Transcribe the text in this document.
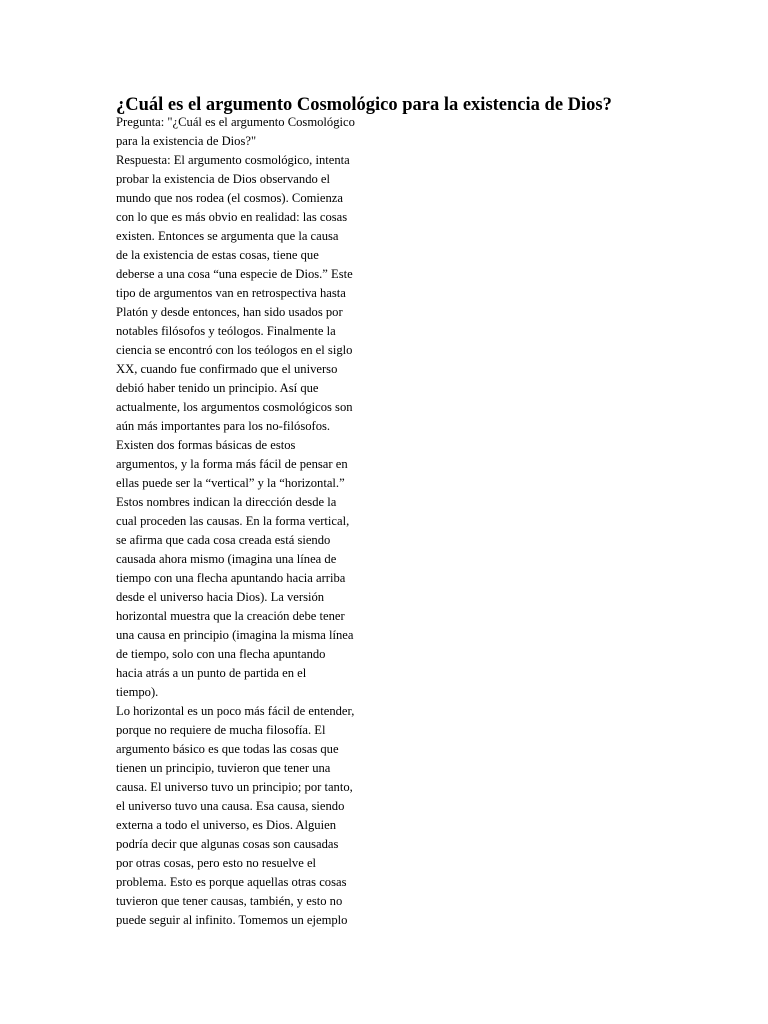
¿Cuál es el argumento Cosmológico para la existencia de Dios?
Pregunta: "¿Cuál es el argumento Cosmológico
para la existencia de Dios?"
Respuesta: El argumento cosmológico, intenta
probar la existencia de Dios observando el
mundo que nos rodea (el cosmos). Comienza
con lo que es más obvio en realidad: las cosas
existen. Entonces se argumenta que la causa
de la existencia de estas cosas, tiene que
deberse a una cosa “una especie de Dios.” Este
tipo de argumentos van en retrospectiva hasta
Platón y desde entonces, han sido usados por
notables filósofos y teólogos. Finalmente la
ciencia se encontró con los teólogos en el siglo
XX, cuando fue confirmado que el universo
debió haber tenido un principio. Así que
actualmente, los argumentos cosmológicos son
aún más importantes para los no-filósofos.
Existen dos formas básicas de estos
argumentos, y la forma más fácil de pensar en
ellas puede ser la “vertical” y la “horizontal.”
Estos nombres indican la dirección desde la
cual proceden las causas. En la forma vertical,
se afirma que cada cosa creada está siendo
causada ahora mismo (imagina una línea de
tiempo con una flecha apuntando hacia arriba
desde el universo hacia Dios). La versión
horizontal muestra que la creación debe tener
una causa en principio (imagina la misma línea
de tiempo, solo con una flecha apuntando
hacia atrás a un punto de partida en el
tiempo).
Lo horizontal es un poco más fácil de entender,
porque no requiere de mucha filosofía. El
argumento básico es que todas las cosas que
tienen un principio, tuvieron que tener una
causa. El universo tuvo un principio; por tanto,
el universo tuvo una causa. Esa causa, siendo
externa a todo el universo, es Dios. Alguien
podría decir que algunas cosas son causadas
por otras cosas, pero esto no resuelve el
problema. Esto es porque aquellas otras cosas
tuvieron que tener causas, también, y esto no
puede seguir al infinito. Tomemos un ejemplo
